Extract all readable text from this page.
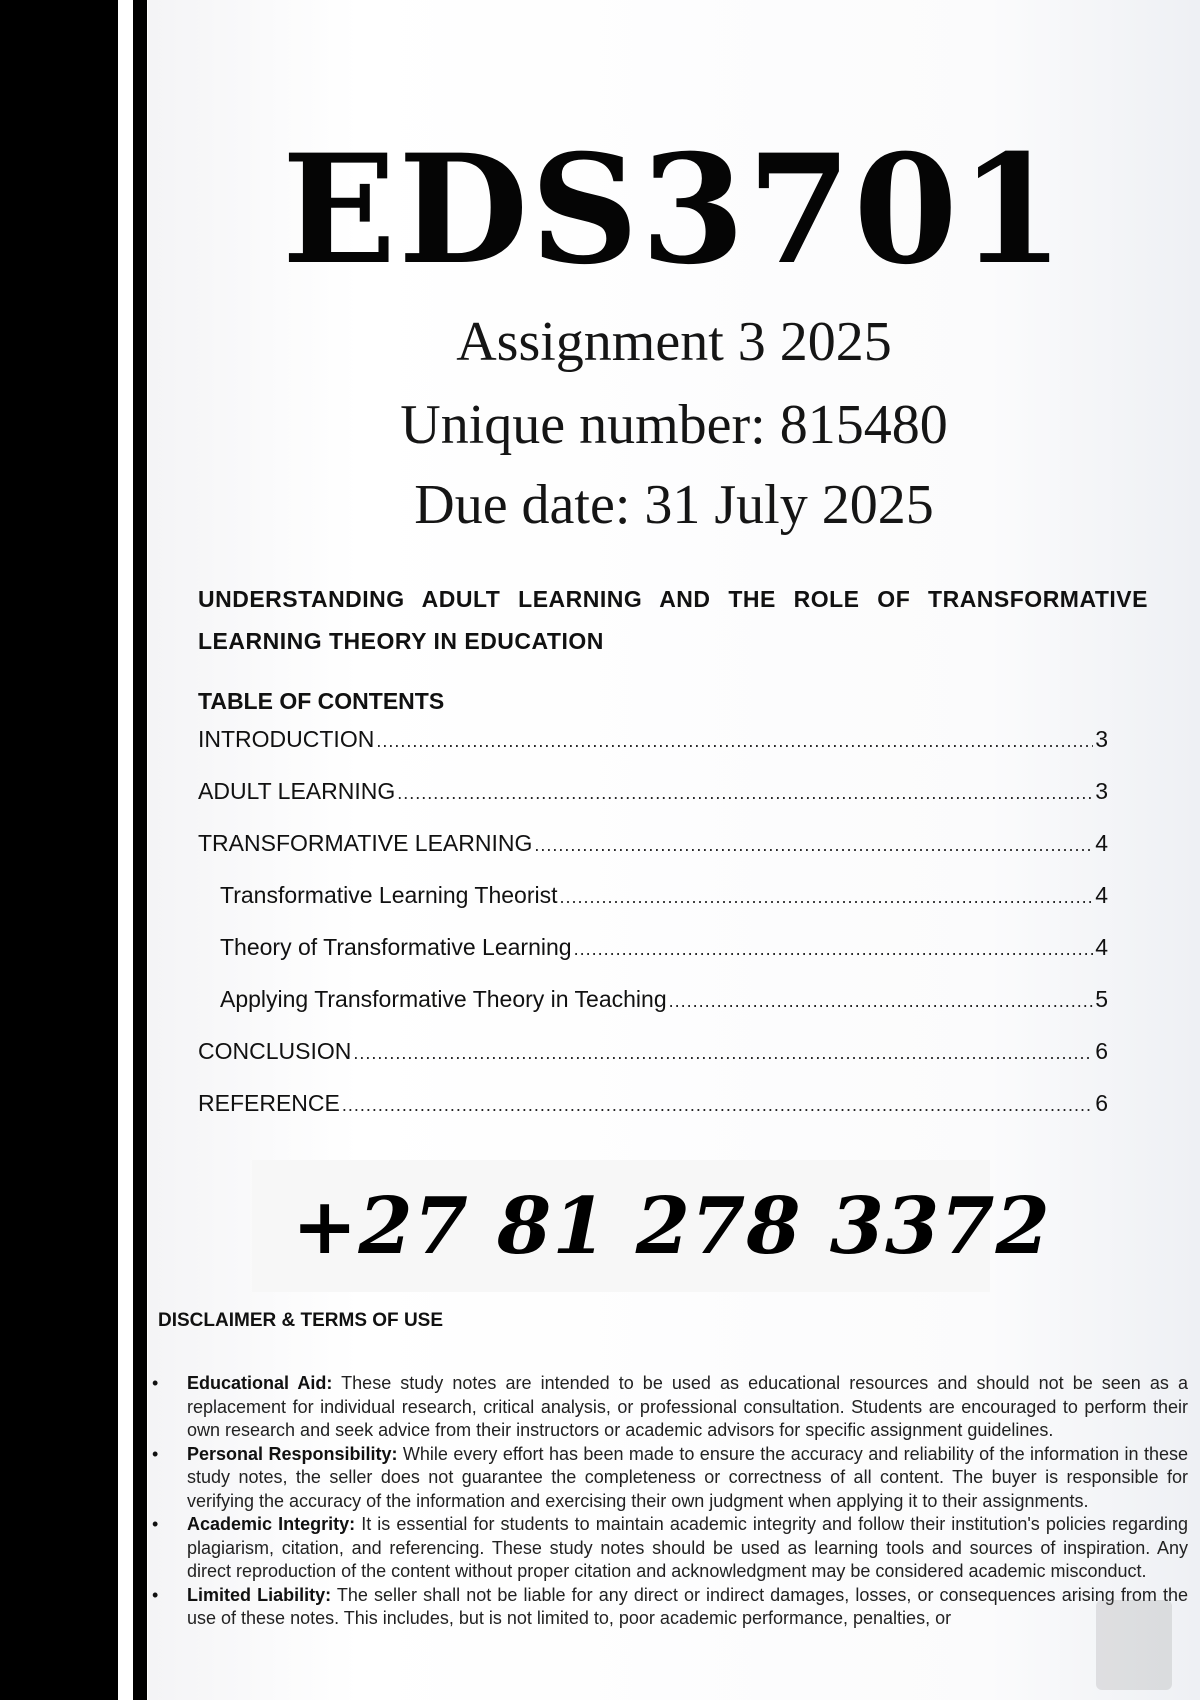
EDS3701
Assignment 3 2025
Unique number: 815480
Due date: 31 July 2025
UNDERSTANDING ADULT LEARNING AND THE ROLE OF TRANSFORMATIVE LEARNING THEORY IN EDUCATION
TABLE OF CONTENTS
INTRODUCTION .....	3
ADULT LEARNING .....	3
TRANSFORMATIVE LEARNING .....	4
Transformative Learning Theorist .....	4
Theory of Transformative Learning .....	4
Applying Transformative Theory in Teaching .....	5
CONCLUSION .....	6
REFERENCE .....	6
+27 81 278 3372
DISCLAIMER & TERMS OF USE
• Educational Aid: These study notes are intended to be used as educational resources and should not be seen as a replacement for individual research, critical analysis, or professional consultation. Students are encouraged to perform their own research and seek advice from their instructors or academic advisors for specific assignment guidelines.
• Personal Responsibility: While every effort has been made to ensure the accuracy and reliability of the information in these study notes, the seller does not guarantee the completeness or correctness of all content. The buyer is responsible for verifying the accuracy of the information and exercising their own judgment when applying it to their assignments.
• Academic Integrity: It is essential for students to maintain academic integrity and follow their institution's policies regarding plagiarism, citation, and referencing. These study notes should be used as learning tools and sources of inspiration. Any direct reproduction of the content without proper citation and acknowledgment may be considered academic misconduct.
• Limited Liability: The seller shall not be liable for any direct or indirect damages, losses, or consequences arising from the use of these notes. This includes, but is not limited to, poor academic performance, penalties, or
